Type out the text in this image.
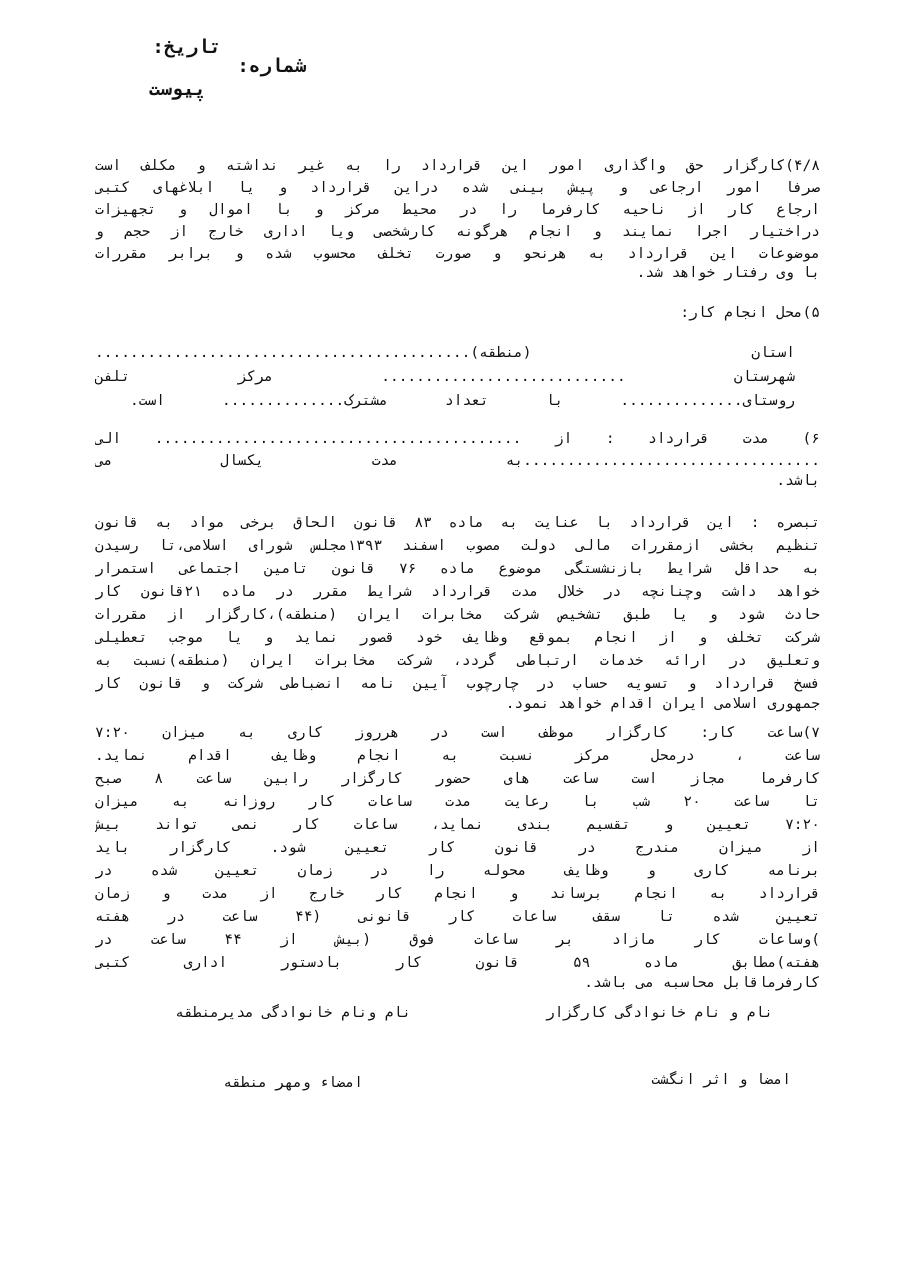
تاریخ:
شماره:
پیوست
۴/۸)کارگزار حق واگذاری امور این قرارداد را به غیر نداشته و مکلف است
صرفا امور ارجاعی و پیش بینی شده دراین قرارداد و یا ابلاغهای کتبی
ارجاع کار از ناحیه کارفرما را در محیط مرکز و با اموال و تجهیزات
دراختیار اجرا نمایند و انجام هرگونه کارشخصی ویا اداری خارج از حجم و
موضوعات این قرارداد به هرنحو و صورت تخلف محسوب شده و برابر مقررات
با وی رفتار خواهد شد.
۵)محل انجام کار:
استان (منطقه)...........................................
شهرستان ............................ مرکز تلفن
روستای.............. با تعداد مشترک.............. است.
۶) مدت قرارداد : از .......................................... الی
..................................به مدت یکسال می
باشد.
تبصره : این قرارداد با عنایت به ماده ۸۳ قانون الحاق برخی مواد به قانون
تنظیم بخشی ازمقررات مالی دولت مصوب اسفند ۱۳۹۳مجلس شورای اسلامی،تا رسیدن
به حداقل شرایط بازنشستگی موضوع ماده ۷۶ قانون تامین اجتماعی استمرار
خواهد داشت وچنانچه در خلال مدت قرارداد شرایط مقرر در ماده ۲۱قانون کار
حادث شود و یا طبق تشخیص شرکت مخابرات ایران (منطقه)،کارگزار از مقررات
شرکت تخلف و از انجام بموقع وظایف خود قصور نماید و یا موجب تعطیلی
وتعلیق در ارائه خدمات ارتباطی گردد، شرکت مخابرات ایران (منطقه)نسبت به
فسخ قرارداد و تسویه حساب در چارچوب آیین نامه انضباطی شرکت و قانون کار
جمهوری اسلامی ایران اقدام خواهد نمود.
۷)ساعت کار: کارگزار موظف است در هرروز کاری به میزان ۷:۲۰
ساعت ، درمحل مرکز نسبت به انجام وظایف اقدام نماید.
کارفرما مجاز است ساعت های حضور کارگزار رابین ساعت ۸ صبح
تا ساعت ۲۰ شب با رعایت مدت ساعات کار روزانه به میزان
۷:۲۰ تعیین و تقسیم بندی نماید، ساعات کار نمی تواند بیش
از میزان مندرج در قانون کار تعیین شود. کارگزار باید
برنامه کاری و وظایف محوله را در زمان تعیین شده در
قرارداد به انجام برساند و انجام کار خارج از مدت و زمان
تعیین شده تا سقف ساعات کار قانونی (۴۴ ساعت در هفته
)وساعات کار مازاد بر ساعات فوق (بیش از ۴۴ ساعت در
هفته)مطابق ماده ۵۹ قانون کار بادستور اداری کتبی
کارفرماقابل محاسبه می باشد.
نام و نام خانوادگی کارگزار
نام ونام خانوادگی مدیرمنطقه
امضا و اثر انگشت
امضاء ومهر منطقه
